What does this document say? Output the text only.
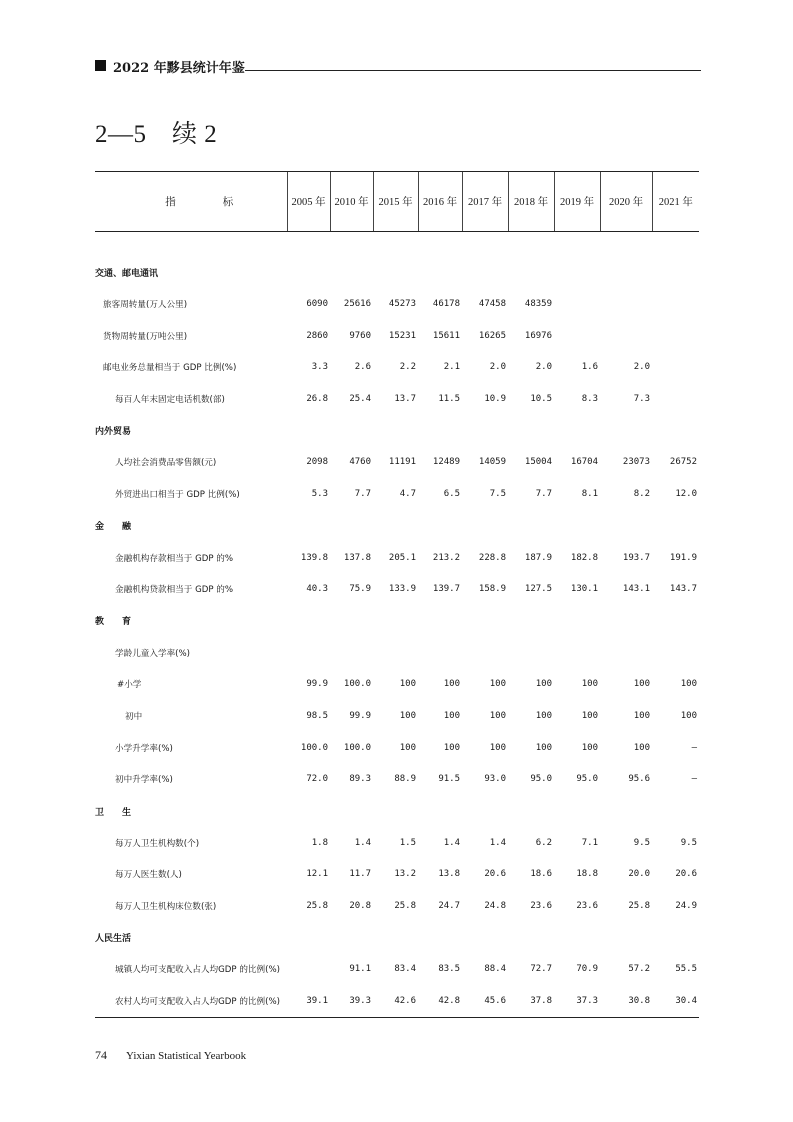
2022 年黟县统计年鉴
2—5　续 2
指 标	2005 年	2010 年	2015 年	2016 年	2017 年	2018 年	2019 年	2020 年	2021 年

交通、邮电通讯									
旅客周转量(万人公里)	6090	25616	45273	46178	47458	48359			
货物周转量(万吨公里)	2860	9760	15231	15611	16265	16976			
邮电业务总量相当于 GDP 比例(%)	3.3	2.6	2.2	2.1	2.0	2.0	1.6	2.0	
每百人年末固定电话机数(部)	26.8	25.4	13.7	11.5	10.9	10.5	8.3	7.3	
内外贸易									
人均社会消费品零售额(元)	2098	4760	11191	12489	14059	15004	16704	23073	26752
外贸进出口相当于 GDP 比例(%)	5.3	7.7	4.7	6.5	7.5	7.7	8.1	8.2	12.0
金　　融									
金融机构存款相当于 GDP 的%	139.8	137.8	205.1	213.2	228.8	187.9	182.8	193.7	191.9
金融机构贷款相当于 GDP 的%	40.3	75.9	133.9	139.7	158.9	127.5	130.1	143.1	143.7
教　　育									
学龄儿童入学率(%)									
#小学	99.9	100.0	100	100	100	100	100	100	100
初中	98.5	99.9	100	100	100	100	100	100	100
小学升学率(%)	100.0	100.0	100	100	100	100	100	100	—
初中升学率(%)	72.0	89.3	88.9	91.5	93.0	95.0	95.0	95.6	—
卫　　生									
每万人卫生机构数(个)	1.8	1.4	1.5	1.4	1.4	6.2	7.1	9.5	9.5
每万人医生数(人)	12.1	11.7	13.2	13.8	20.6	18.6	18.8	20.0	20.6
每万人卫生机构床位数(张)	25.8	20.8	25.8	24.7	24.8	23.6	23.6	25.8	24.9
人民生活									
城镇人均可支配收入占人均GDP 的比例(%)		91.1	83.4	83.5	88.4	72.7	70.9	57.2	55.5
农村人均可支配收入占人均GDP 的比例(%)	39.1	39.3	42.6	42.8	45.6	37.8	37.3	30.8	30.4
74 Yixian Statistical Yearbook
